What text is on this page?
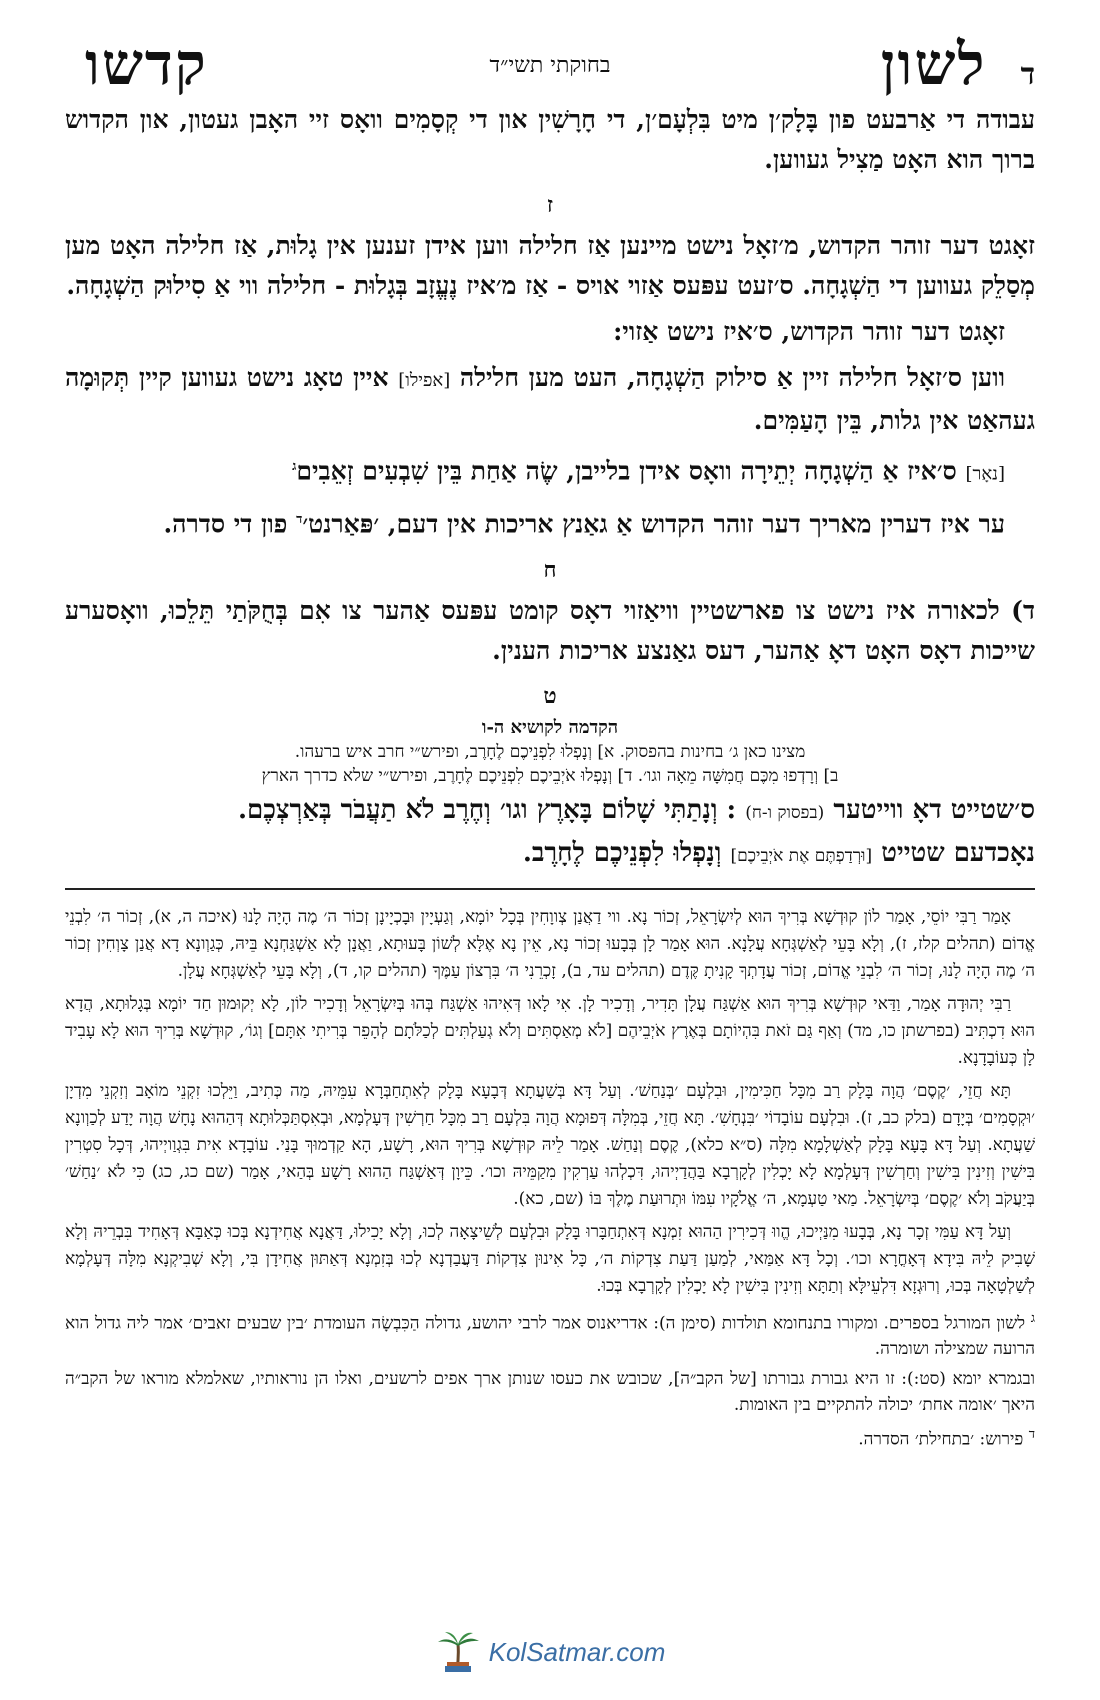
ד
לשון
בחוקתי תשי״ד
קדשו

עבודה די אַרבעט פון בָּלָק׳ן מיט בִּלְעָם׳ן, די חָרָשִׁין און די קְסָמִים וואָס זיי האָבן געטון, און הקדוש ברוך הוא האָט מַצִיל געווען.

ז

זאָגט דער זוהר הקדוש, מ׳זאָל נישט מיינען אַז חלילה ווען אידן זענען אין גָלוּת, אַז חלילה האָט מען מְסַלֵק געווען די הַשְׁגָחָה. ס׳זעט עפּעס אַזוי אויס - אַז מ׳איז נֶעֱזָב בְּגָלוּת - חלילה ווי אַ סִילוּק הַשְׁגָחָה.

זאָגט דער זוהר הקדוש, ס׳איז נישט אַזוי:

ווען ס׳זאָל חלילה זיין אַ סילוק הַשְׁגָחָה, העט מען חלילה [אפילו] איין טאָג נישט געווען קיין תְּקוּמָה געהאַט אין גלות, בֵּין הָעַמִּים.

[נאָר] ס׳איז אַ הַשְׁגָחָה יְתֵירָה וואָס אידן בלייבן, שֶׂה אַחַת בֵּין שִׁבְעִים זְאֵבִים$^ג$

ער איז דערין מאריך דער זוהר הקדוש אַ גאַנץ אריכות אין דעם, ׳פּאַרנט׳$^ד$ פון די סדרה.

ח

ד) לכאורה איז נישט צו פארשטיין וויאַזוי דאָס קומט עפּעס אַהער צו אִם בְּחֻקֹּתַי תֵּלֵכוּ, וואָסערע שייכות דאָס האָט דאָ אַהער, דעס גאַנצע אריכות הענין.

ט
הקדמה לקושיא ה-ו
מצינו כאן ג׳ בחינות בהפסוק. א] וְנָפְלוּ לִפְנֵיכֶם לֶחָרֶב, ופירש״י חרב איש ברעהו.
ב] וְרָדְפוּ מִכֶּם חֲמִשָּׁה מֵאָה וגו׳. ד] וְנָפְלוּ אֹיְבֵיכֶם לִפְנֵיכֶם לֶחָרֶב, ופירש״י שלא כדרך הארץ

ס׳שטייט דאָ ווייטער (בפסוק ו-ח) : וְנָתַתִּי שָׁלוֹם בָּאָרֶץ וגו׳ וְחֶרֶב לֹא תַעֲבֹר בְּאַרְצְכֶם.

נאָכדעם שטייט [וּרְדַפְתֶּם אֶת אֹיְבֵיכֶם] וְנָפְלוּ לִפְנֵיכֶם לֶחָרֶב.

אָמַר רַבִּי יוֹסֵי, אָמַר לוֹן קוּדְשָׁא בְּרִיךְ הוּא לְיִשְׂרָאֵל, זְכוֹר נָא. ווי דַאֲנַן צְווָחִין בְּכָל יוֹמָא, וְגַעְיָין וּבָכְיָינָן זְכוֹר ה׳ מֶה הָיָה לָנוּ (איכה ה, א), זְכוֹר ה׳ לִבְנֵי אֱדוֹם (תהלים קלז, ז), וְלָא בָּעֵי לְאַשְׁגְּחָא עֲלָנָא. הוּא אָמַר לָן בְּבָעוּ זְכוֹר נָא, אֵין נָא אֶלָּא לְשׁוֹן בָּעוּתָא, וַאֲנָן לָא אַשְׁגַּחְנָא בֵּיהּ, כְּגַוְונָא דָא אֲנַן צָוְחִין זְכוֹר ה׳ מֶה הָיָה לָנוּ, זְכוֹר ה׳ לִבְנֵי אֱדוֹם, זְכוֹר עֲדָתְךָ קָנִיתָ קֶּדֶם (תהלים עד, ב), זָכְרֵנִי ה׳ בִּרְצוֹן עַמֶּךָ (תהלים קו, ד), וְלָא בָּעֵי לְאַשְׁגְּחָא עֲלָן.

רַבִּי יְהוּדָה אָמַר, וַדַּאי קוּדְשָׁא בְּרִיךְ הוּא אַשְׁגַּח עֲלָן תָּדִיר, וְדָכִיר לָן. אִי לָאו דְּאִיהוּ אַשְׁגַּח בְּהוּ בְּיִשְׂרָאֵל וְדָכִיר לוֹן, לָא יְקוּמוּן חַד יוֹמָא בְּגָלוּתָא, הֲדָא הוּא דִכְתִּיב (בפרשתן כו, מד) וְאַף גַּם זֹאת בִּהְיוֹתָם בְּאֶרֶץ אֹיְבֵיהֶם [לֹא מְאַסְתִּים וְלֹא גְעַלְתִּים לְכַלֹּתָם לְהָפֵר בְּרִיתִי אִתָּם] וְגוֹ׳, קוּדְשָׁא בְּרִיךְ הוּא לָא עָבִיד לָן כְּעוֹבָדָנָא.

תָּא חֲזֵי, ׳קֶסֶם׳ הֲוָה בָּלָק רַב מִכָּל חַכִּימִין, וּבִלְעָם ׳בְּנַחַשׁ׳. וְעַל דָּא בְּשַׁעֲתָא דְּבָעָא בָּלָק לְאִתְחַבְּרָא עִמֵּיהּ, מַה כְּתִיב, וַיֵּלְכוּ זִקְנֵי מוֹאָב וְזִקְנֵי מִדְיָן ׳וּקְסָמִים׳ בְּיָדָם (בלק כב, ז). וּבִלְעָם עוֹבָדוֹי ׳בִּנְחָשִׁ׳. תָּא חֲזֵי, בְּמִלָּה דְּפוּמָא הֲוָה בִּלְעָם רַב מִכָּל חַרְשִׁין דְּעָלְמָא, וּבְאִסְתַּכְּלוּתָא דְּהַהוּא נָחָשׁ הֲוָה יָדַע לְכַוְונָא שַׁעֲתָא. וְעַל דָּא בָּעָא בָּלָק לְאַשְׁלָמָא מִלָּה (ס״א כלא), קֶסֶם וְנַחַשׁ. אָמַר לֵיהּ קוּדְשָׁא בְּרִיךְ הוּא, רָשָׁע, הָא קַדְמוּךְ בָּנַי. עוֹבָדָא אִית בִּגְוַויְיהוּ, דְּכָל סִטְרִין בִּישִׁין וְזִינִין בִּישִׁין וְחַרְשִׁין דְּעָלְמָא לָא יָכְלִין לְקָרְבָא בַּהֲדַיְיהוּ, דִּכְלְהוּ עַרְקִין מִקַמֵּיהּ וכו׳. כֵּיוָן דְּאַשְׁגַּח הַהוּא רָשָׁע בְּהַאי, אָמַר (שם כג, כג) כִּי לֹא ׳נַחַשׁ׳ בְּיַעֲקֹב וְלֹא ׳קֶסֶם׳ בְּיִשְׂרָאֵל. מַאי טַעְמָא, ה׳ אֱלֹקָיו עִמּוֹ וּתְרוּעַת מֶלֶךְ בּוֹ (שם, כא).

וְעַל דָּא עַמִּי זְכָר נָא, בְּבָעוּ מִנַּיְיכוּ, הֱווּ דְּכִירִין הַהוּא זִמְנָא דְּאִתְחַבָּרוּ בָּלָק וּבִלְעָם לְשֵׁיצָאָה לְכוּ, וְלָא יָכִילוּ, דַּאֲנָא אֲחִידְנָא בְּכוּ כְּאַבָּא דְּאָחִיד בִּבְרֵיהּ וְלָא שָׁבִיק לֵיהּ בִּידָא דְּאָחֳרָא וכו׳. וְכָל דָּא אַמַּאי, לְמַעַן דַּעַת צִדְקוֹת ה׳, כָּל אִינוּן צִדְקוֹת דַּעֲבַדְנָא לְכוּ בְּזִמְנָא דְּאַתּוּן אֲחִידָן בִּי, וְלָא שְׁבִיקְנָא מִלָּה דְּעָלְמָא לְשַׁלְטָאָה בְּכוּ, וְרוּגְזָא דִּלְעֵילָּא וְתַתָּא וְזִינִין בִּישִׁין לָא יָכְלִין לְקָרְבָא בְּכוּ.

$^ג$ לשון המורגל בספרים. ומקורו בתנחומא תולדות (סימן ה): אדריאנוס אמר לרבי יהושע, גדולה הַכִּבְשָׂה העומדת ׳בין שבעים זאבים׳ אמר ליה גדול הוא הרועה שמצילה ושומרה.

ובגמרא יומא (סט:): זו היא גבורת גבורתו [של הקב״ה], שכובש את כעסו שנותן ארך אפים לרשעים, ואלו הן נוראותיו, שאלמלא מוראו של הקב״ה היאך ׳אומה אחת׳ יכולה להתקיים בין האומות.

$^ד$ פירוש: ׳בתחילת׳ הסדרה.

KolSatmar.com
